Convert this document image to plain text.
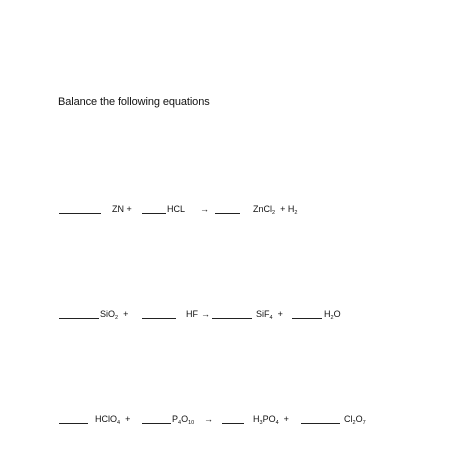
Balance the following equations
ZN +	HCL →	ZnCl$_2$ + $H_2$
SiO$_2$ +	HF →	SiF$_4$ +	$H_2O$
HClO$_4$ +	$P_4O_{10}$ →	$H_3PO_4$ +	$Cl_2O_7$
